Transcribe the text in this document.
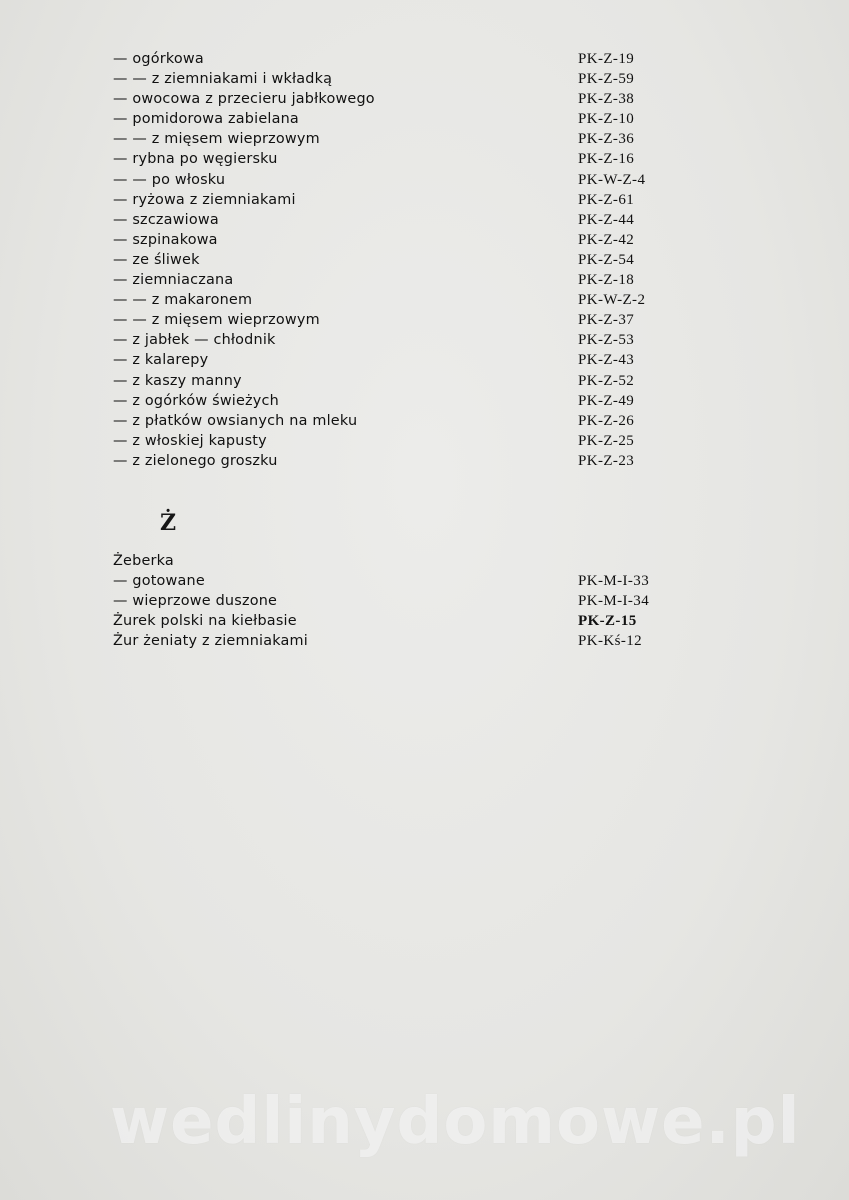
— ogórkowa	PK-Z-19
— — z ziemniakami i wkładką	PK-Z-59
— owocowa z przecieru jabłkowego	PK-Z-38
— pomidorowa zabielana	PK-Z-10
— — z mięsem wieprzowym	PK-Z-36
— rybna po węgiersku	PK-Z-16
— — po włosku	PK-W-Z-4
— ryżowa z ziemniakami	PK-Z-61
— szczawiowa	PK-Z-44
— szpinakowa	PK-Z-42
— ze śliwek	PK-Z-54
— ziemniaczana	PK-Z-18
— — z makaronem	PK-W-Z-2
— — z mięsem wieprzowym	PK-Z-37
— z jabłek — chłodnik	PK-Z-53
— z kalarepy	PK-Z-43
— z kaszy manny	PK-Z-52
— z ogórków świeżych	PK-Z-49
— z płatków owsianych na mleku	PK-Z-26
— z włoskiej kapusty	PK-Z-25
— z zielonego groszku	PK-Z-23
Ż
Żeberka
— gotowane	PK-M-I-33
— wieprzowe duszone	PK-M-I-34
Żurek polski na kiełbasie	PK-Z-15
Żur żeniaty z ziemniakami	PK-Kś-12
wedlinydomowe.pl
